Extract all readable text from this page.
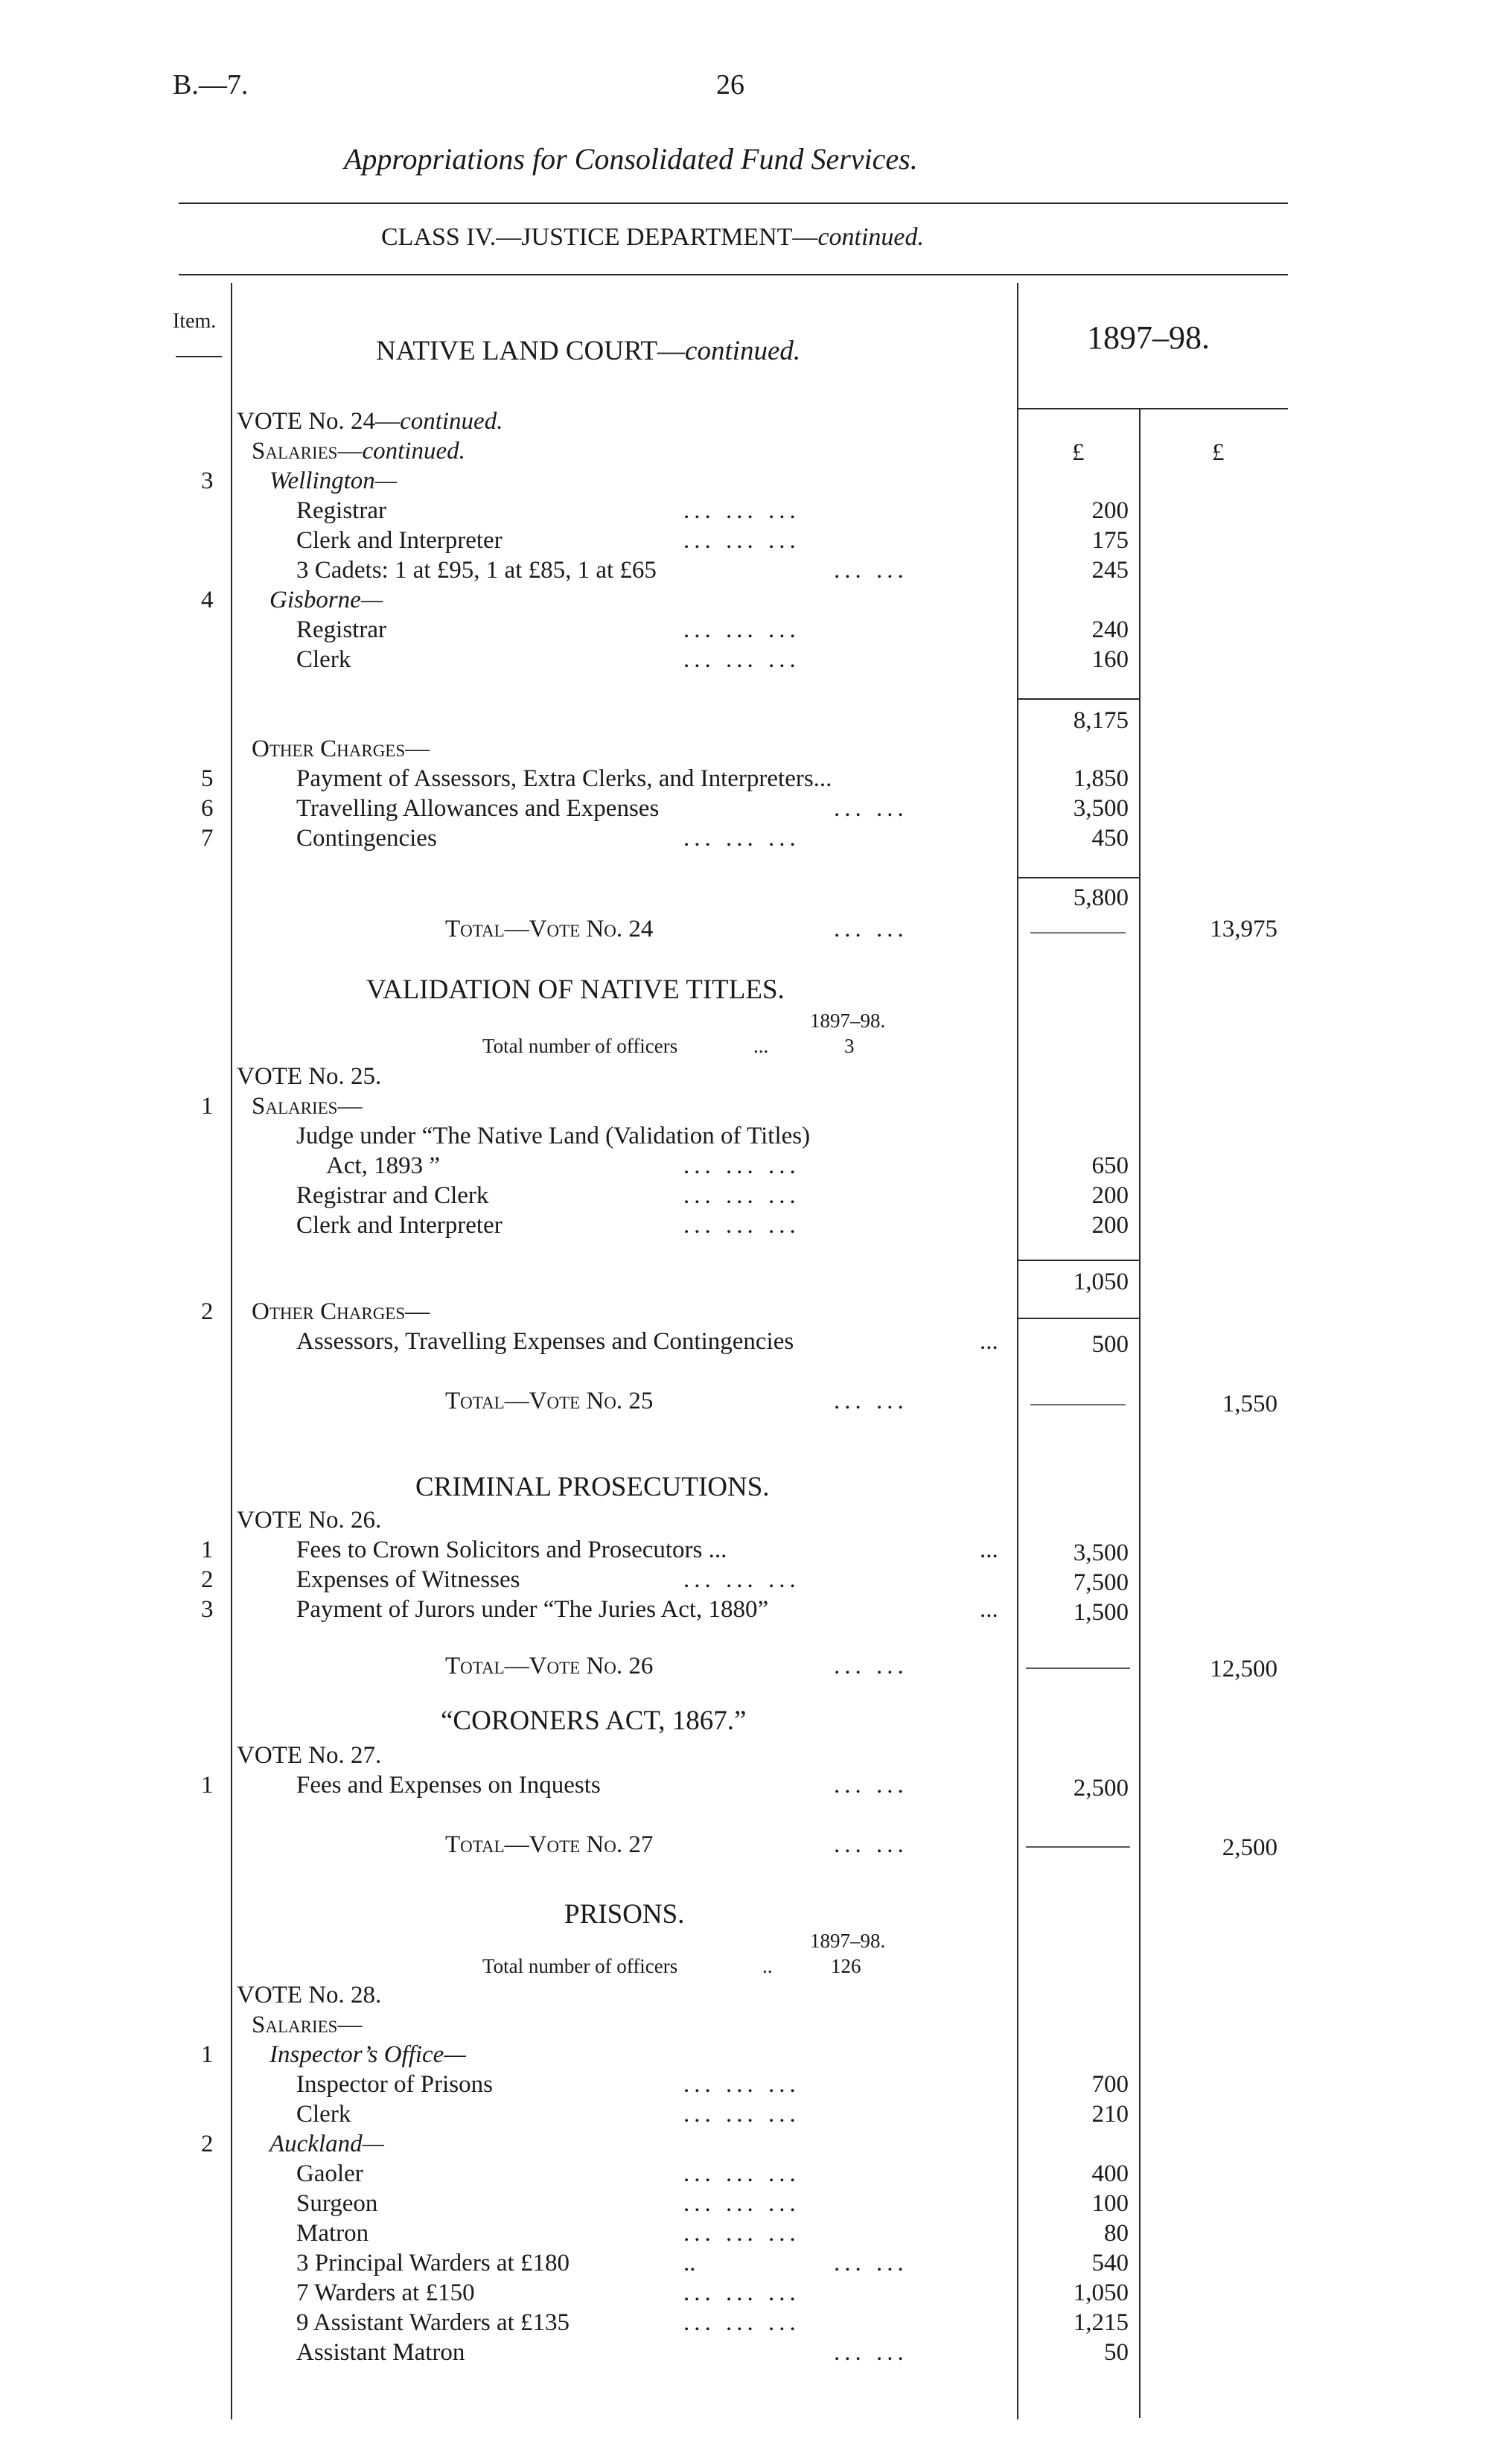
B.—7.	26
Appropriations for Consolidated Fund Services.
CLASS IV.—JUSTICE DEPARTMENT—continued.
Item.	1897–98.
£	£
NATIVE LAND COURT—continued.
VOTE No. 24—continued.
Salaries—continued.
3 Wellington—
Registrar	... ... ...	200
Clerk and Interpreter	... ... ...	175
3 Cadets: 1 at £95, 1 at £85, 1 at £65	... ...	245
4 Gisborne—
Registrar	... ... ...	240
Clerk	... ... ...	160
8,175
Other Charges—
5	Payment of Assessors, Extra Clerks, and Interpreters...	1,850
6	Travelling Allowances and Expenses	... ...	3,500
7	Contingencies	... ... ...	450
5,800
Total—Vote No. 24	... ...	13,975
VALIDATION OF NATIVE TITLES.
1897–98.
Total number of officers	...	3
VOTE No. 25.
1 Salaries—
Judge under “The Native Land (Validation of Titles)
Act, 1893 ”	... ... ...	650
Registrar and Clerk	... ... ...	200
Clerk and Interpreter	... ... ...	200
1,050
2 Other Charges—
Assessors, Travelling Expenses and Contingencies	...	500
Total—Vote No. 25	... ...	1,550
CRIMINAL PROSECUTIONS.
VOTE No. 26.
1	Fees to Crown Solicitors and Prosecutors ...	...	3,500
2	Expenses of Witnesses	... ... ...	7,500
3	Payment of Jurors under “The Juries Act, 1880”	...	1,500
Total—Vote No. 26	... ...	12,500
“CORONERS ACT, 1867.”
VOTE No. 27.
1	Fees and Expenses on Inquests	... ...	2,500
Total—Vote No. 27	... ...	2,500
PRISONS.
1897–98.
Total number of officers	..	126
VOTE No. 28.
Salaries—
1 Inspector’s Office—
Inspector of Prisons	... ... ...	700
Clerk	... ... ...	210
2 Auckland—
Gaoler	... ... ...	400
Surgeon	... ... ...	100
Matron	... ... ...	80
3 Principal Warders at £180	..	... ...	540
7 Warders at £150	... ... ...	1,050
9 Assistant Warders at £135	... ... ...	1,215
Assistant Matron	... ...	50
